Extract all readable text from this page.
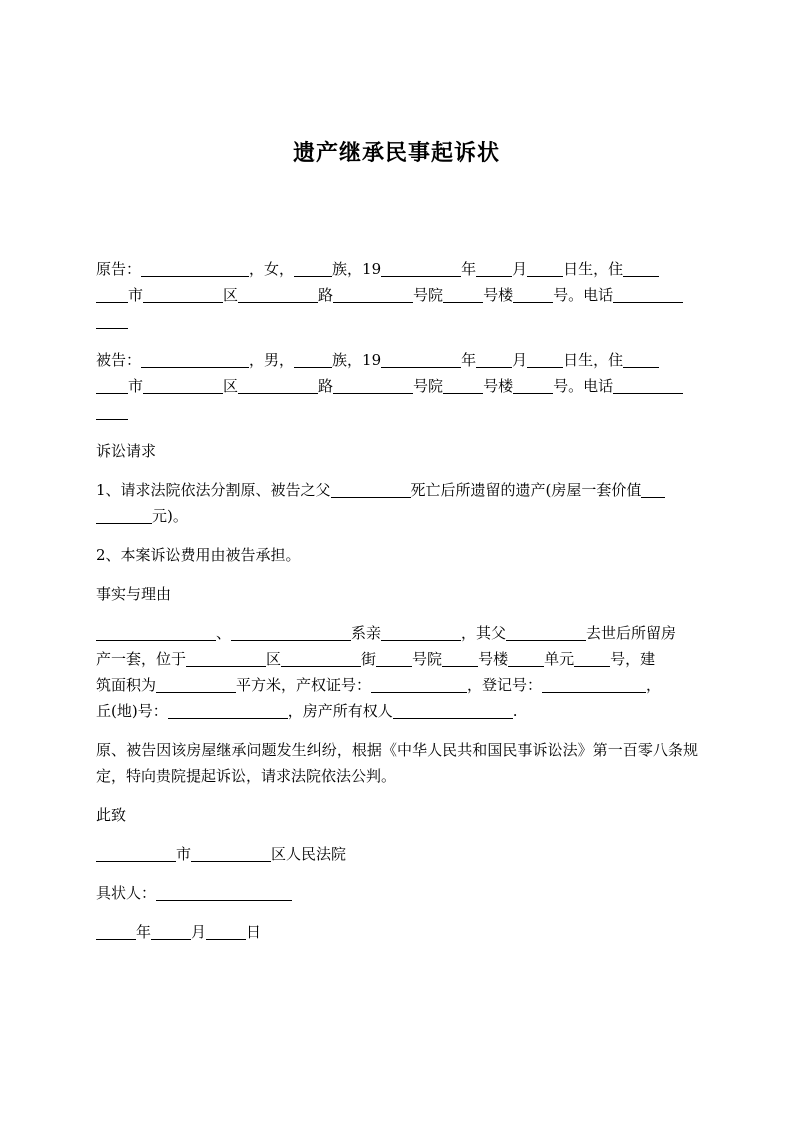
遗产继承民事起诉状

原告：	，女，	族，19	年 月 日生，住
市	区	路	号院	号楼	号。电话

被告：	，男，	族，19	年 月 日生，住
市	区	路	号院	号楼	号。电话

诉讼请求

1、请求法院依法分割原、被告之父	死亡后所遗留的遗产(房屋一套价值
元)。

2、本案诉讼费用由被告承担。

事实与理由

、	系亲	，其父	去世后所留房
产一套，位于	区	街 号院 号楼 单元 号，建
筑面积为	平方米，产权证号：	，登记号：	，
丘(地)号：	，房产所有权人	.

原、被告因该房屋继承问题发生纠纷，根据《中华人民共和国民事诉讼法》第一百零八条规定，特向贵院提起诉讼，请求法院依法公判。

此致

市	区人民法院

具状人：

年	月	日
